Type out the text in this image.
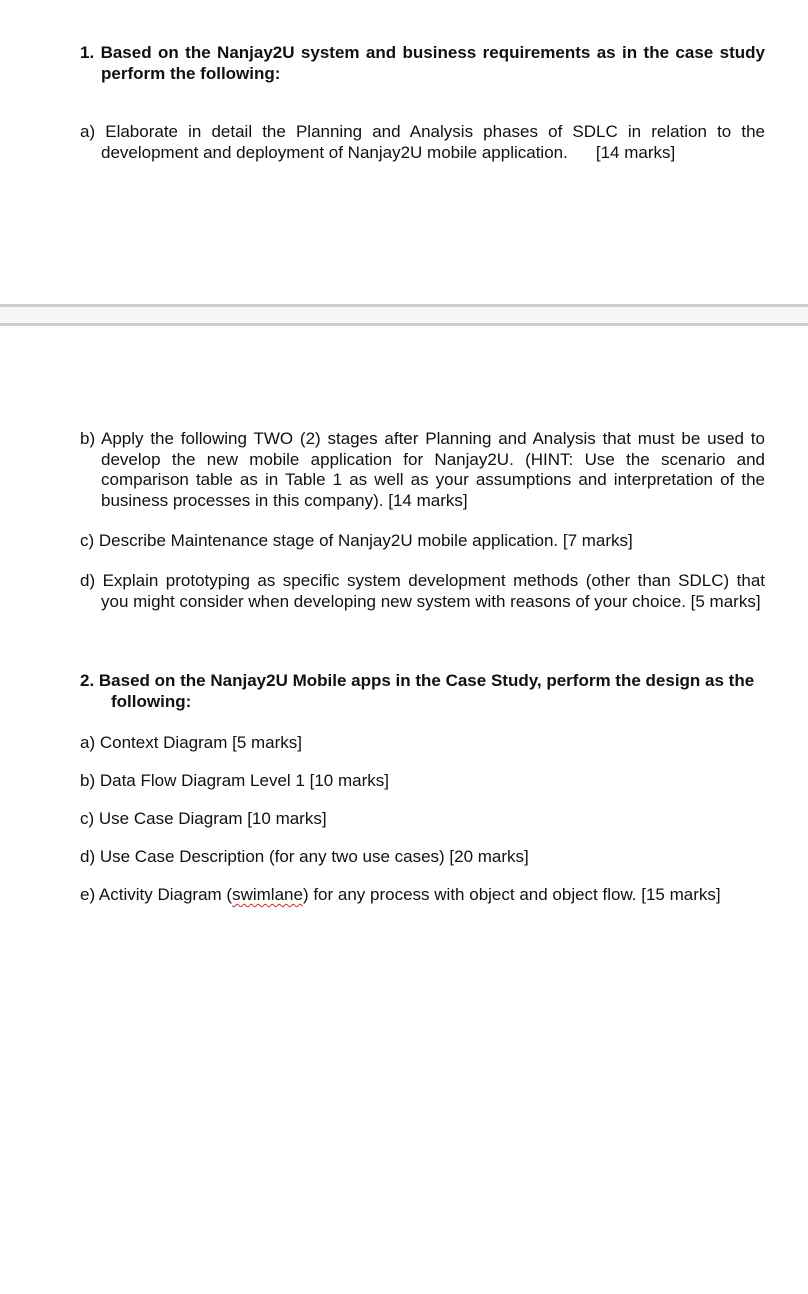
1. Based on the Nanjay2U system and business requirements as in the case study perform the following:

a) Elaborate in detail the Planning and Analysis phases of SDLC in relation to the development and deployment of Nanjay2U mobile application. [14 marks]

b) Apply the following TWO (2) stages after Planning and Analysis that must be used to develop the new mobile application for Nanjay2U. (HINT: Use the scenario and comparison table as in Table 1 as well as your assumptions and interpretation of the business processes in this company). [14 marks]

c) Describe Maintenance stage of Nanjay2U mobile application. [7 marks]

d) Explain prototyping as specific system development methods (other than SDLC) that you might consider when developing new system with reasons of your choice. [5 marks]

2. Based on the Nanjay2U Mobile apps in the Case Study, perform the design as the following:

a) Context Diagram [5 marks]

b) Data Flow Diagram Level 1 [10 marks]

c) Use Case Diagram [10 marks]

d) Use Case Description (for any two use cases) [20 marks]

e) Activity Diagram (swimlane) for any process with object and object flow. [15 marks]
